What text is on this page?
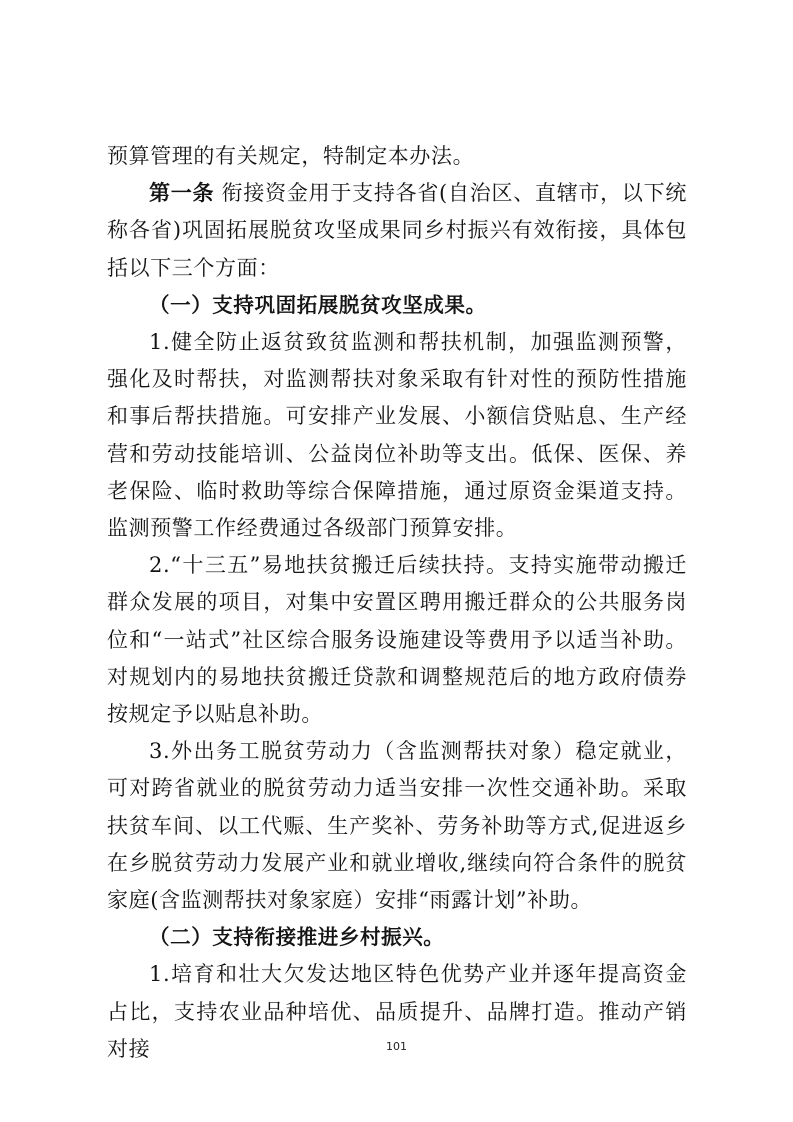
预算管理的有关规定，特制定本办法。

第一条 衔接资金用于支持各省(自治区、直辖市，以下统称各省)巩固拓展脱贫攻坚成果同乡村振兴有效衔接，具体包括以下三个方面：

（一）支持巩固拓展脱贫攻坚成果。

1.健全防止返贫致贫监测和帮扶机制，加强监测预警，强化及时帮扶，对监测帮扶对象采取有针对性的预防性措施和事后帮扶措施。可安排产业发展、小额信贷贴息、生产经营和劳动技能培训、公益岗位补助等支出。低保、医保、养老保险、临时救助等综合保障措施，通过原资金渠道支持。监测预警工作经费通过各级部门预算安排。

2.“十三五”易地扶贫搬迁后续扶持。支持实施带动搬迁群众发展的项目，对集中安置区聘用搬迁群众的公共服务岗位和“一站式”社区综合服务设施建设等费用予以适当补助。对规划内的易地扶贫搬迁贷款和调整规范后的地方政府债券按规定予以贴息补助。

3.外出务工脱贫劳动力（含监测帮扶对象）稳定就业，可对跨省就业的脱贫劳动力适当安排一次性交通补助。采取扶贫车间、以工代赈、生产奖补、劳务补助等方式,促进返乡在乡脱贫劳动力发展产业和就业增收,继续向符合条件的脱贫家庭(含监测帮扶对象家庭）安排“雨露计划”补助。

（二）支持衔接推进乡村振兴。

1.培育和壮大欠发达地区特色优势产业并逐年提高资金占比，支持农业品种培优、品质提升、品牌打造。推动产销对接	101
